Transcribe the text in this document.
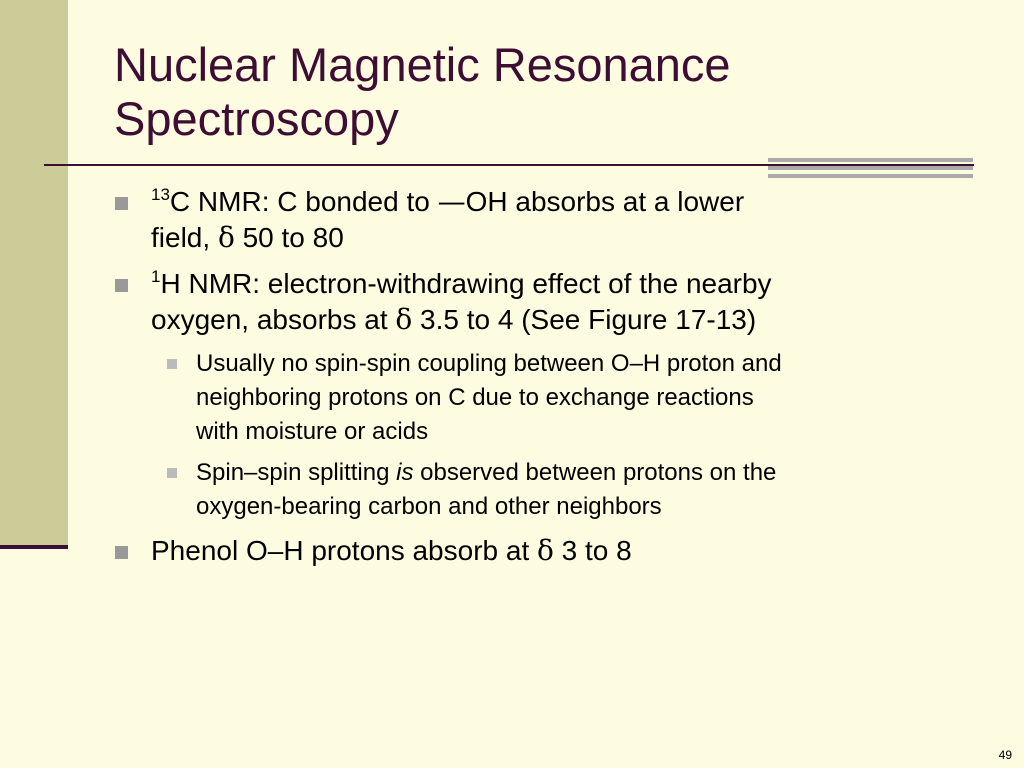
Nuclear Magnetic Resonance
Spectroscopy
$^{13}$C NMR: C bonded to —OH absorbs at a lower
field, δ 50 to 80
$^1$H NMR: electron-withdrawing effect of the nearby
oxygen, absorbs at δ 3.5 to 4 (See Figure 17-13)
Usually no spin-spin coupling between O–H proton and
neighboring protons on C due to exchange reactions
with moisture or acids
Spin–spin splitting is observed between protons on the
oxygen-bearing carbon and other neighbors
Phenol O–H protons absorb at δ 3 to 8
49
